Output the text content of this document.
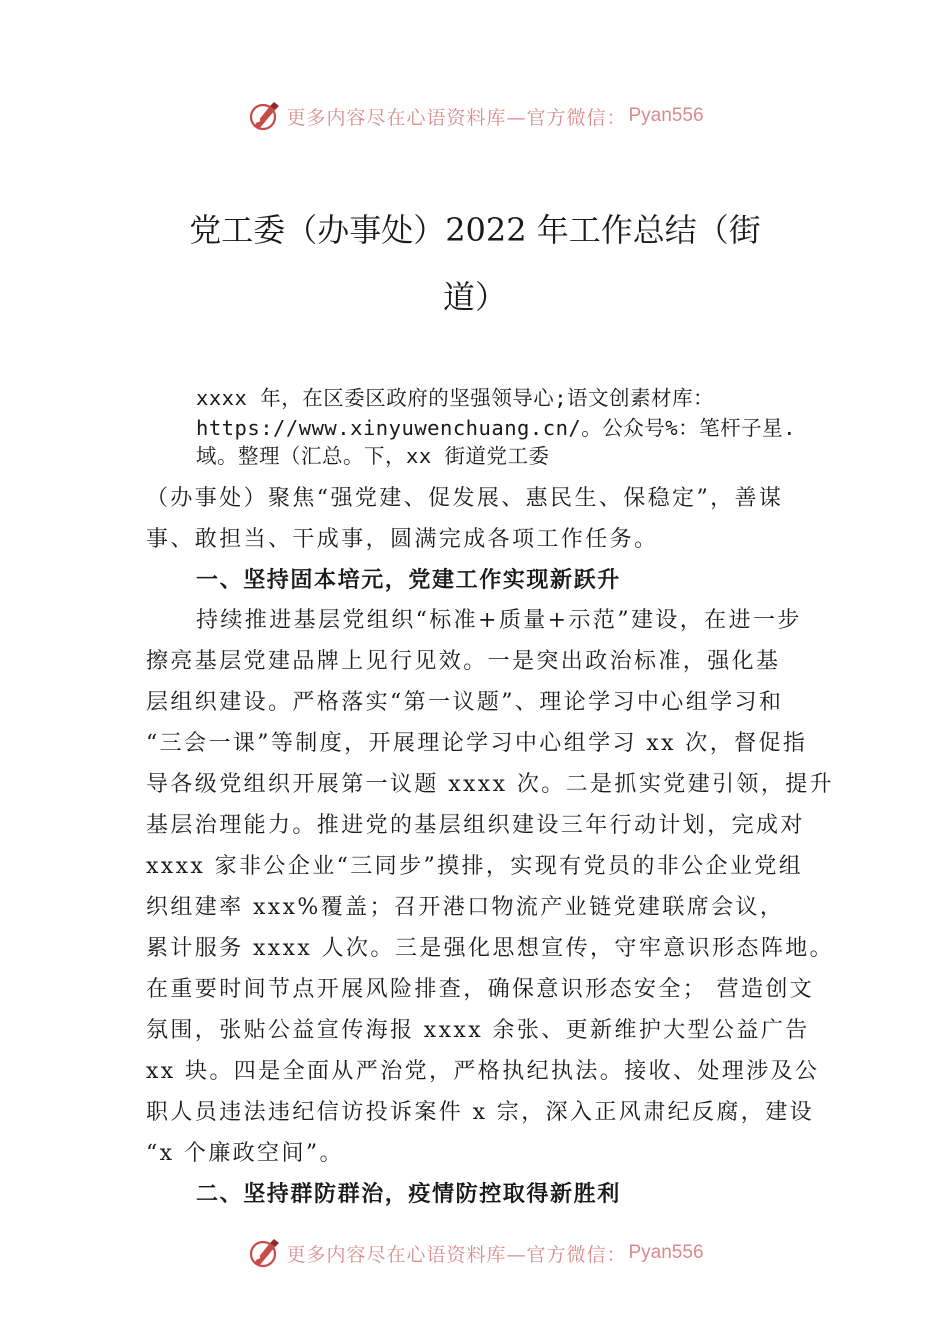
更多内容尽在心语资料库—官方微信： Pyan556
党工委（办事处）2022 年工作总结（街
道）
xxxx 年，在区委区政府的坚强领导心;语文创素材库：
https://www.xinyuwenchuang.cn/。公众号%：笔杆子星.
域。整理（汇总。下，xx 街道党工委
（办事处）聚焦“强党建、促发展、惠民生、保稳定”，善谋
事、敢担当、干成事，圆满完成各项工作任务。
一、坚持固本培元，党建工作实现新跃升
持续推进基层党组织“标准+质量+示范”建设，在进一步
擦亮基层党建品牌上见行见效。一是突出政治标准，强化基
层组织建设。严格落实“第一议题”、理论学习中心组学习和
“三会一课”等制度，开展理论学习中心组学习 xx 次，督促指
导各级党组织开展第一议题 xxxx 次。二是抓实党建引领，提升
基层治理能力。推进党的基层组织建设三年行动计划，完成对
xxxx 家非公企业“三同步”摸排，实现有党员的非公企业党组
织组建率 xxx%覆盖；召开港口物流产业链党建联席会议，
累计服务 xxxx 人次。三是强化思想宣传，守牢意识形态阵地。
在重要时间节点开展风险排查，确保意识形态安全； 营造创文
氛围，张贴公益宣传海报 xxxx 余张、更新维护大型公益广告
xx 块。四是全面从严治党，严格执纪执法。接收、处理涉及公
职人员违法违纪信访投诉案件 x 宗，深入正风肃纪反腐，建设
“x 个廉政空间”。
二、坚持群防群治，疫情防控取得新胜利
更多内容尽在心语资料库—官方微信： Pyan556
